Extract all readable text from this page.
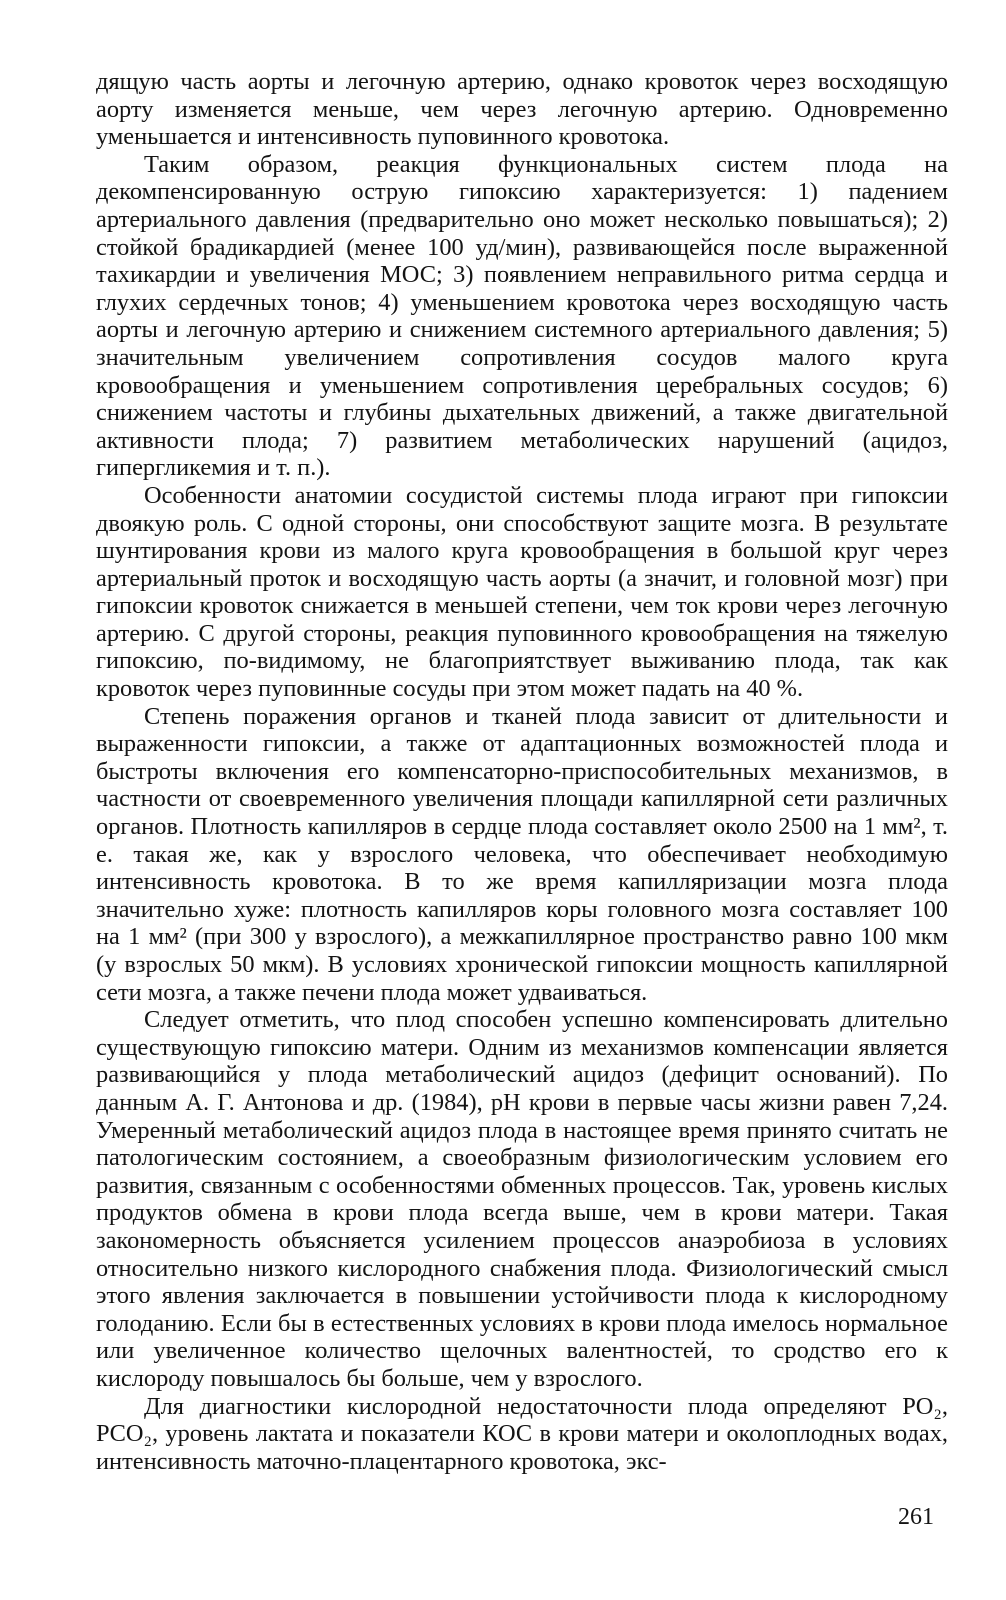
дящую часть аорты и легочную артерию, однако кровоток через восходящую аорту изменяется меньше, чем через легочную артерию. Одновременно уменьшается и интенсивность пуповинного кровотока.

Таким образом, реакция функциональных систем плода на декомпенсированную острую гипоксию характеризуется: 1) падением артериального давления (предварительно оно может несколько повышаться); 2) стойкой брадикардией (менее 100 уд/мин), развивающейся после выраженной тахикардии и увеличения МОС; 3) появлением неправильного ритма сердца и глухих сердечных тонов; 4) уменьшением кровотока через восходящую часть аорты и легочную артерию и снижением системного артериального давления; 5) значительным увеличением сопротивления сосудов малого круга кровообращения и уменьшением сопротивления церебральных сосудов; 6) снижением частоты и глубины дыхательных движений, а также двигательной активности плода; 7) развитием метаболических нарушений (ацидоз, гипергликемия и т. п.).

Особенности анатомии сосудистой системы плода играют при гипоксии двоякую роль. С одной стороны, они способствуют защите мозга. В результате шунтирования крови из малого круга кровообращения в большой круг через артериальный проток и восходящую часть аорты (а значит, и головной мозг) при гипоксии кровоток снижается в меньшей степени, чем ток крови через легочную артерию. С другой стороны, реакция пуповинного кровообращения на тяжелую гипоксию, по-видимому, не благоприятствует выживанию плода, так как кровоток через пуповинные сосуды при этом может падать на 40 %.

Степень поражения органов и тканей плода зависит от длительности и выраженности гипоксии, а также от адаптационных возможностей плода и быстроты включения его компенсаторно-приспособительных механизмов, в частности от своевременного увеличения площади капиллярной сети различных органов. Плотность капилляров в сердце плода составляет около 2500 на 1 мм², т. е. такая же, как у взрослого человека, что обеспечивает необходимую интенсивность кровотока. В то же время капилляризации мозга плода значительно хуже: плотность капилляров коры головного мозга составляет 100 на 1 мм² (при 300 у взрослого), а межкапиллярное пространство равно 100 мкм (у взрослых 50 мкм). В условиях хронической гипоксии мощность капиллярной сети мозга, а также печени плода может удваиваться.

Следует отметить, что плод способен успешно компенсировать длительно существующую гипоксию матери. Одним из механизмов компенсации является развивающийся у плода метаболический ацидоз (дефицит оснований). По данным А. Г. Антонова и др. (1984), pH крови в первые часы жизни равен 7,24. Умеренный метаболический ацидоз плода в настоящее время принято считать не патологическим состоянием, а своеобразным физиологическим условием его развития, связанным с особенностями обменных процессов. Так, уровень кислых продуктов обмена в крови плода всегда выше, чем в крови матери. Такая закономерность объясняется усилением процессов анаэробиоза в условиях относительно низкого кислородного снабжения плода. Физиологический смысл этого явления заключается в повышении устойчивости плода к кислородному голоданию. Если бы в естественных условиях в крови плода имелось нормальное или увеличенное количество щелочных валентностей, то сродство его к кислороду повышалось бы больше, чем у взрослого.

Для диагностики кислородной недостаточности плода определяют PO₂, PCO₂, уровень лактата и показатели КОС в крови матери и околоплодных водах, интенсивность маточно-плацентарного кровотока, экс-

261
